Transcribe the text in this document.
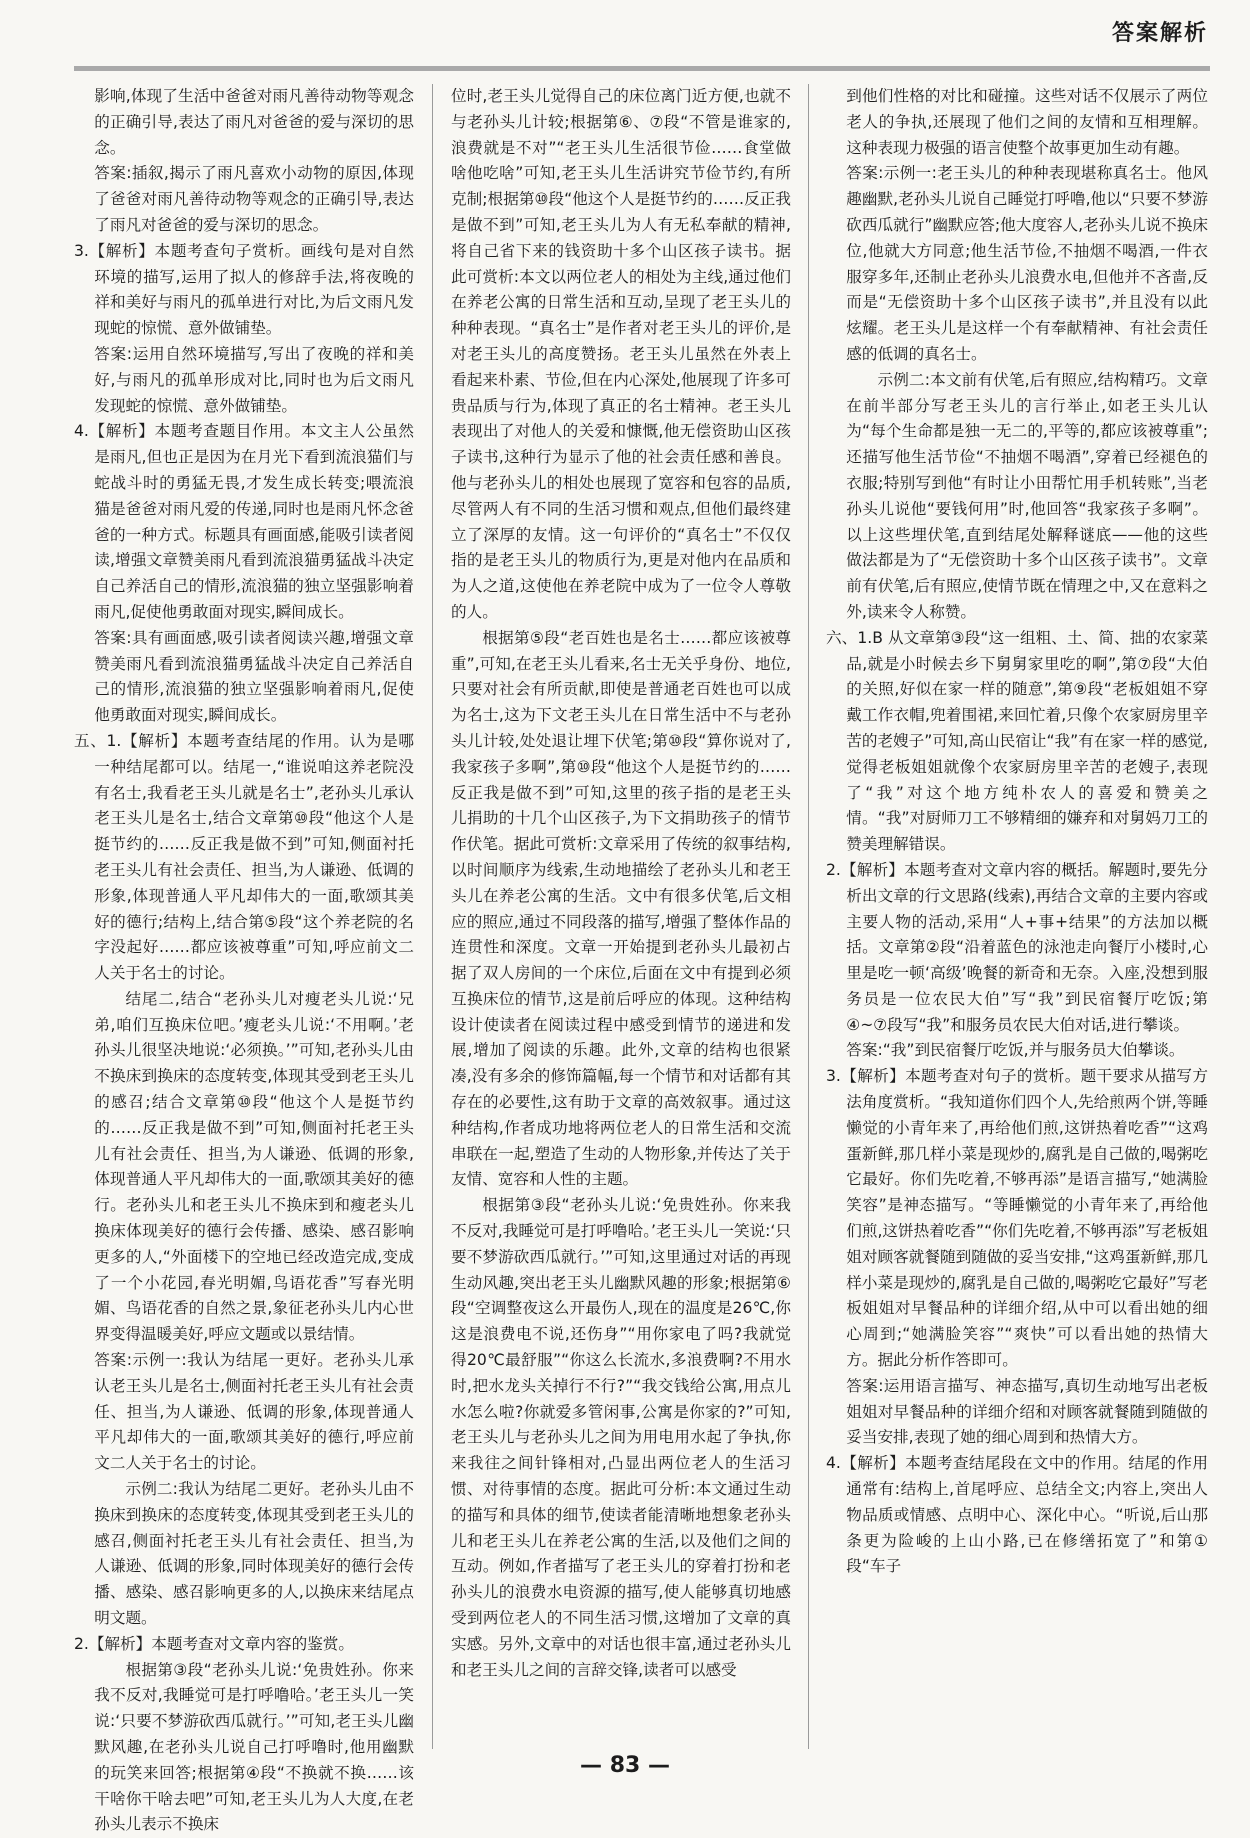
答案解析

影响,体现了生活中爸爸对雨凡善待动物等观念的正确引导,表达了雨凡对爸爸的爱与深切的思念。

答案:插叙,揭示了雨凡喜欢小动物的原因,体现了爸爸对雨凡善待动物等观念的正确引导,表达了雨凡对爸爸的爱与深切的思念。

3.【解析】本题考查句子赏析。画线句是对自然环境的描写,运用了拟人的修辞手法,将夜晚的祥和美好与雨凡的孤单进行对比,为后文雨凡发现蛇的惊慌、意外做铺垫。

答案:运用自然环境描写,写出了夜晚的祥和美好,与雨凡的孤单形成对比,同时也为后文雨凡发现蛇的惊慌、意外做铺垫。

4.【解析】本题考查题目作用。本文主人公虽然是雨凡,但也正是因为在月光下看到流浪猫们与蛇战斗时的勇猛无畏,才发生成长转变;喂流浪猫是爸爸对雨凡爱的传递,同时也是雨凡怀念爸爸的一种方式。标题具有画面感,能吸引读者阅读,增强文章赞美雨凡看到流浪猫勇猛战斗决定自己养活自己的情形,流浪猫的独立坚强影响着雨凡,促使他勇敢面对现实,瞬间成长。

答案:具有画面感,吸引读者阅读兴趣,增强文章赞美雨凡看到流浪猫勇猛战斗决定自己养活自己的情形,流浪猫的独立坚强影响着雨凡,促使他勇敢面对现实,瞬间成长。

五、1.【解析】本题考查结尾的作用。认为是哪一种结尾都可以。结尾一,“谁说咱这养老院没有名士,我看老王头儿就是名士”,老孙头儿承认老王头儿是名士,结合文章第⑩段“他这个人是挺节约的……反正我是做不到”可知,侧面衬托老王头儿有社会责任、担当,为人谦逊、低调的形象,体现普通人平凡却伟大的一面,歌颂其美好的德行;结构上,结合第⑤段“这个养老院的名字没起好……都应该被尊重”可知,呼应前文二人关于名士的讨论。

结尾二,结合“老孙头儿对瘦老头儿说:‘兄弟,咱们互换床位吧。’瘦老头儿说:‘不用啊。’老孙头儿很坚决地说:‘必须换。’”可知,老孙头儿由不换床到换床的态度转变,体现其受到老王头儿的感召;结合文章第⑩段“他这个人是挺节约的……反正我是做不到”可知,侧面衬托老王头儿有社会责任、担当,为人谦逊、低调的形象,体现普通人平凡却伟大的一面,歌颂其美好的德行。老孙头儿和老王头儿不换床到和瘦老头儿换床体现美好的德行会传播、感染、感召影响更多的人,“外面楼下的空地已经改造完成,变成了一个小花园,春光明媚,鸟语花香”写春光明媚、鸟语花香的自然之景,象征老孙头儿内心世界变得温暖美好,呼应文题或以景结情。

答案:示例一:我认为结尾一更好。老孙头儿承认老王头儿是名士,侧面衬托老王头儿有社会责任、担当,为人谦逊、低调的形象,体现普通人平凡却伟大的一面,歌颂其美好的德行,呼应前文二人关于名士的讨论。

示例二:我认为结尾二更好。老孙头儿由不换床到换床的态度转变,体现其受到老王头儿的感召,侧面衬托老王头儿有社会责任、担当,为人谦逊、低调的形象,同时体现美好的德行会传播、感染、感召影响更多的人,以换床来结尾点明文题。

2.【解析】本题考查对文章内容的鉴赏。

根据第③段“老孙头儿说:‘免贵姓孙。你来我不反对,我睡觉可是打呼噜哈。’老王头儿一笑说:‘只要不梦游砍西瓜就行。’”可知,老王头儿幽默风趣,在老孙头儿说自己打呼噜时,他用幽默的玩笑来回答;根据第④段“不换就不换……该干啥你干啥去吧”可知,老王头儿为人大度,在老孙头儿表示不换床

位时,老王头儿觉得自己的床位离门近方便,也就不与老孙头儿计较;根据第⑥、⑦段“不管是谁家的,浪费就是不对”“老王头儿生活很节俭……食堂做啥他吃啥”可知,老王头儿生活讲究节俭节约,有所克制;根据第⑩段“他这个人是挺节约的……反正我是做不到”可知,老王头儿为人有无私奉献的精神,将自己省下来的钱资助十多个山区孩子读书。据此可赏析:本文以两位老人的相处为主线,通过他们在养老公寓的日常生活和互动,呈现了老王头儿的种种表现。“真名士”是作者对老王头儿的评价,是对老王头儿的高度赞扬。老王头儿虽然在外表上看起来朴素、节俭,但在内心深处,他展现了许多可贵品质与行为,体现了真正的名士精神。老王头儿表现出了对他人的关爱和慷慨,他无偿资助山区孩子读书,这种行为显示了他的社会责任感和善良。他与老孙头儿的相处也展现了宽容和包容的品质,尽管两人有不同的生活习惯和观点,但他们最终建立了深厚的友情。这一句评价的“真名士”不仅仅指的是老王头儿的物质行为,更是对他内在品质和为人之道,这使他在养老院中成为了一位令人尊敬的人。

根据第⑤段“老百姓也是名士……都应该被尊重”,可知,在老王头儿看来,名士无关乎身份、地位,只要对社会有所贡献,即使是普通老百姓也可以成为名士,这为下文老王头儿在日常生活中不与老孙头儿计较,处处退让埋下伏笔;第⑩段“算你说对了,我家孩子多啊”,第⑩段“他这个人是挺节约的……反正我是做不到”可知,这里的孩子指的是老王头儿捐助的十几个山区孩子,为下文捐助孩子的情节作伏笔。据此可赏析:文章采用了传统的叙事结构,以时间顺序为线索,生动地描绘了老孙头儿和老王头儿在养老公寓的生活。文中有很多伏笔,后文相应的照应,通过不同段落的描写,增强了整体作品的连贯性和深度。文章一开始提到老孙头儿最初占据了双人房间的一个床位,后面在文中有提到必须互换床位的情节,这是前后呼应的体现。这种结构设计使读者在阅读过程中感受到情节的递进和发展,增加了阅读的乐趣。此外,文章的结构也很紧凑,没有多余的修饰篇幅,每一个情节和对话都有其存在的必要性,这有助于文章的高效叙事。通过这种结构,作者成功地将两位老人的日常生活和交流串联在一起,塑造了生动的人物形象,并传达了关于友情、宽容和人性的主题。

根据第③段“老孙头儿说:‘免贵姓孙。你来我不反对,我睡觉可是打呼噜哈。’老王头儿一笑说:‘只要不梦游砍西瓜就行。’”可知,这里通过对话的再现生动风趣,突出老王头儿幽默风趣的形象;根据第⑥段“空调整夜这么开最伤人,现在的温度是26℃,你这是浪费电不说,还伤身”“用你家电了吗?我就觉得20℃最舒服”“你这么长流水,多浪费啊?不用水时,把水龙头关掉行不行?”“我交钱给公寓,用点儿水怎么啦?你就爱多管闲事,公寓是你家的?”可知,老王头儿与老孙头儿之间为用电用水起了争执,你来我往之间针锋相对,凸显出两位老人的生活习惯、对待事情的态度。据此可分析:本文通过生动的描写和具体的细节,使读者能清晰地想象老孙头儿和老王头儿在养老公寓的生活,以及他们之间的互动。例如,作者描写了老王头儿的穿着打扮和老孙头儿的浪费水电资源的描写,使人能够真切地感受到两位老人的不同生活习惯,这增加了文章的真实感。另外,文章中的对话也很丰富,通过老孙头儿和老王头儿之间的言辞交锋,读者可以感受

到他们性格的对比和碰撞。这些对话不仅展示了两位老人的争执,还展现了他们之间的友情和互相理解。这种表现力极强的语言使整个故事更加生动有趣。

答案:示例一:老王头儿的种种表现堪称真名士。他风趣幽默,老孙头儿说自己睡觉打呼噜,他以“只要不梦游砍西瓜就行”幽默应答;他大度容人,老孙头儿说不换床位,他就大方同意;他生活节俭,不抽烟不喝酒,一件衣服穿多年,还制止老孙头儿浪费水电,但他并不吝啬,反而是“无偿资助十多个山区孩子读书”,并且没有以此炫耀。老王头儿是这样一个有奉献精神、有社会责任感的低调的真名士。

示例二:本文前有伏笔,后有照应,结构精巧。文章在前半部分写老王头儿的言行举止,如老王头儿认为“每个生命都是独一无二的,平等的,都应该被尊重”;还描写他生活节俭“不抽烟不喝酒”,穿着已经褪色的衣服;特别写到他“有时让小田帮忙用手机转账”,当老孙头儿说他“要钱何用”时,他回答“我家孩子多啊”。以上这些埋伏笔,直到结尾处解释谜底——他的这些做法都是为了“无偿资助十多个山区孩子读书”。文章前有伏笔,后有照应,使情节既在情理之中,又在意料之外,读来令人称赞。

六、1.B 从文章第③段“这一组粗、土、简、拙的农家菜品,就是小时候去乡下舅舅家里吃的啊”,第⑦段“大伯的关照,好似在家一样的随意”,第⑨段“老板姐姐不穿戴工作衣帽,兜着围裙,来回忙着,只像个农家厨房里辛苦的老嫂子”可知,高山民宿让“我”有在家一样的感觉,觉得老板姐姐就像个农家厨房里辛苦的老嫂子,表现了“我”对这个地方纯朴农人的喜爱和赞美之情。“我”对厨师刀工不够精细的嫌弃和对舅妈刀工的赞美理解错误。

2.【解析】本题考查对文章内容的概括。解题时,要先分析出文章的行文思路(线索),再结合文章的主要内容或主要人物的活动,采用“人+事+结果”的方法加以概括。文章第②段“沿着蓝色的泳池走向餐厅小楼时,心里是吃一顿‘高级’晚餐的新奇和无奈。入座,没想到服务员是一位农民大伯”写“我”到民宿餐厅吃饭;第④~⑦段写“我”和服务员农民大伯对话,进行攀谈。

答案:“我”到民宿餐厅吃饭,并与服务员大伯攀谈。

3.【解析】本题考查对句子的赏析。题干要求从描写方法角度赏析。“我知道你们四个人,先给煎两个饼,等睡懒觉的小青年来了,再给他们煎,这饼热着吃香”“这鸡蛋新鲜,那几样小菜是现炒的,腐乳是自己做的,喝粥吃它最好。你们先吃着,不够再添”是语言描写,“她满脸笑容”是神态描写。“等睡懒觉的小青年来了,再给他们煎,这饼热着吃香”“你们先吃着,不够再添”写老板姐姐对顾客就餐随到随做的妥当安排,“这鸡蛋新鲜,那几样小菜是现炒的,腐乳是自己做的,喝粥吃它最好”写老板姐姐对早餐品种的详细介绍,从中可以看出她的细心周到;“她满脸笑容”“爽快”可以看出她的热情大方。据此分析作答即可。

答案:运用语言描写、神态描写,真切生动地写出老板姐姐对早餐品种的详细介绍和对顾客就餐随到随做的妥当安排,表现了她的细心周到和热情大方。

4.【解析】本题考查结尾段在文中的作用。结尾的作用通常有:结构上,首尾呼应、总结全文;内容上,突出人物品质或情感、点明中心、深化中心。“听说,后山那条更为险峻的上山小路,已在修缮拓宽了”和第①段“车子

— 83 —
